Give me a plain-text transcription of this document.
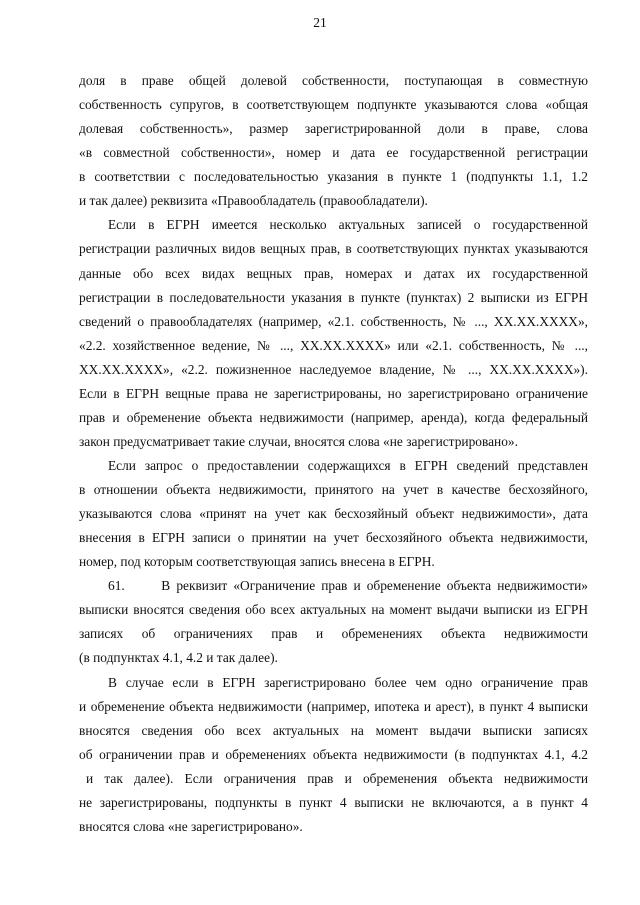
21
доля в праве общей долевой собственности, поступающая в совместную
собственность супругов, в соответствующем подпункте указываются слова «общая
долевая собственность», размер зарегистрированной доли в праве, слова
«в совместной собственности», номер и дата ее государственной регистрации
в соответствии с последовательностью указания в пункте 1 (подпункты 1.1, 1.2
и так далее) реквизита «Правообладатель (правообладатели).
Если в ЕГРН имеется несколько актуальных записей о государственной
регистрации различных видов вещных прав, в соответствующих пунктах указываются
данные обо всех видах вещных прав, номерах и датах их государственной
регистрации в последовательности указания в пункте (пунктах) 2 выписки из ЕГРН
сведений о правообладателях (например, «2.1. собственность, № ..., XX.XX.XXXX»,
«2.2. хозяйственное ведение, № ..., XX.XX.XXXX» или «2.1. собственность, № ...,
XX.XX.XXXX», «2.2. пожизненное наследуемое владение, № ..., XX.XX.XXXX»).
Если в ЕГРН вещные права не зарегистрированы, но зарегистрировано ограничение
прав и обременение объекта недвижимости (например, аренда), когда федеральный
закон предусматривает такие случаи, вносятся слова «не зарегистрировано».
Если запрос о предоставлении содержащихся в ЕГРН сведений представлен
в отношении объекта недвижимости, принятого на учет в качестве бесхозяйного,
указываются слова «принят на учет как бесхозяйный объект недвижимости», дата
внесения в ЕГРН записи о принятии на учет бесхозяйного объекта недвижимости,
номер, под которым соответствующая запись внесена в ЕГРН.
61.      В реквизит «Ограничение прав и обременение объекта недвижимости»
выписки вносятся сведения обо всех актуальных на момент выдачи выписки из ЕГРН
записях об ограничениях прав и обременениях объекта недвижимости
(в подпунктах 4.1, 4.2 и так далее).
В случае если в ЕГРН зарегистрировано более чем одно ограничение прав
и обременение объекта недвижимости (например, ипотека и арест), в пункт 4 выписки
вносятся сведения обо всех актуальных на момент выдачи выписки записях
об ограничении прав и обременениях объекта недвижимости (в подпунктах 4.1, 4.2
и так далее). Если ограничения прав и обременения объекта недвижимости
не зарегистрированы, подпункты в пункт 4 выписки не включаются, а в пункт 4
вносятся слова «не зарегистрировано».
